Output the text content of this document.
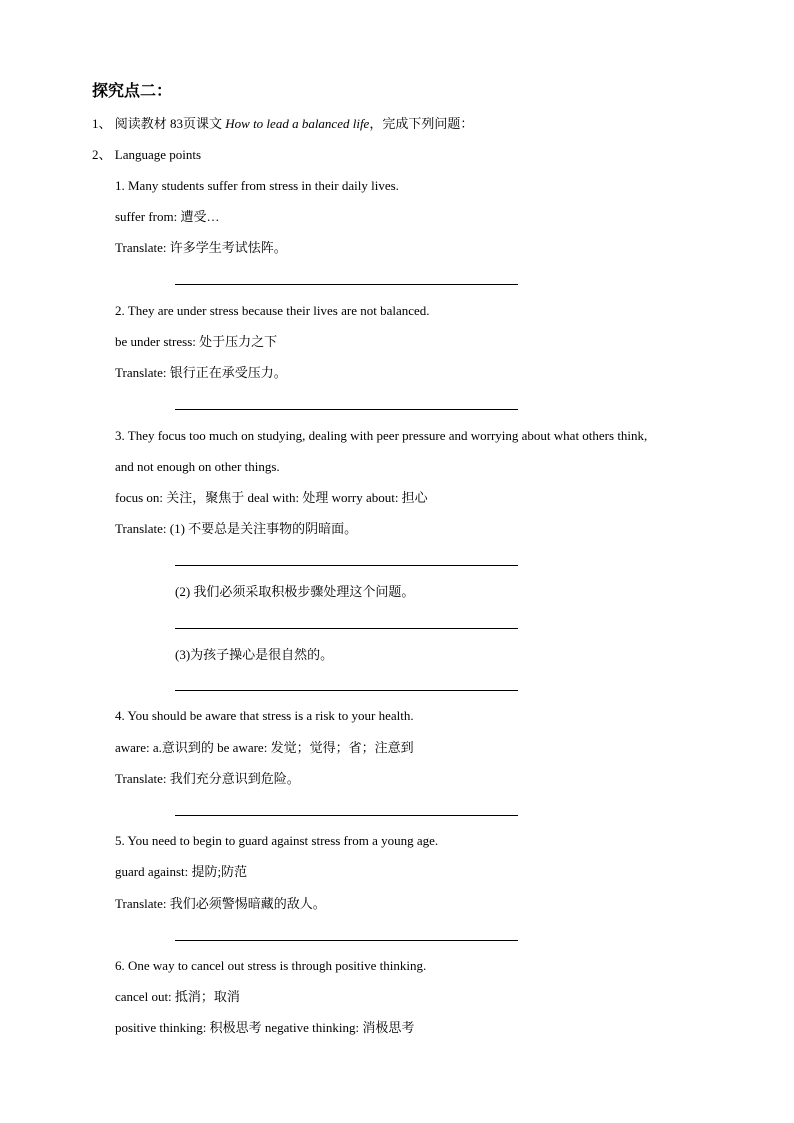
探究点二：
1、 阅读教材 83页课文 How to lead a balanced life，完成下列问题：
2、 Language points
1. Many students suffer from stress in their daily lives.
suffer from: 遭受…
Translate: 许多学生考试怯阵。
2. They are under stress because their lives are not balanced.
be under stress: 处于压力之下
Translate: 银行正在承受压力。
3. They focus too much on studying, dealing with peer pressure and worrying about what others think,
and not enough on other things.
focus on: 关注，聚焦于 deal with: 处理 worry about: 担心
Translate: (1) 不要总是关注事物的阴暗面。
(2) 我们必须采取积极步骤处理这个问题。
(3)为孩子操心是很自然的。
4. You should be aware that stress is a risk to your health.
aware: a.意识到的 be aware: 发觉；觉得；省；注意到
Translate: 我们充分意识到危险。
5. You need to begin to guard against stress from a young age.
guard against: 提防;防范
Translate: 我们必须警惕暗藏的敌人。
6. One way to cancel out stress is through positive thinking.
cancel out: 抵消；取消
positive thinking: 积极思考 negative thinking: 消极思考
